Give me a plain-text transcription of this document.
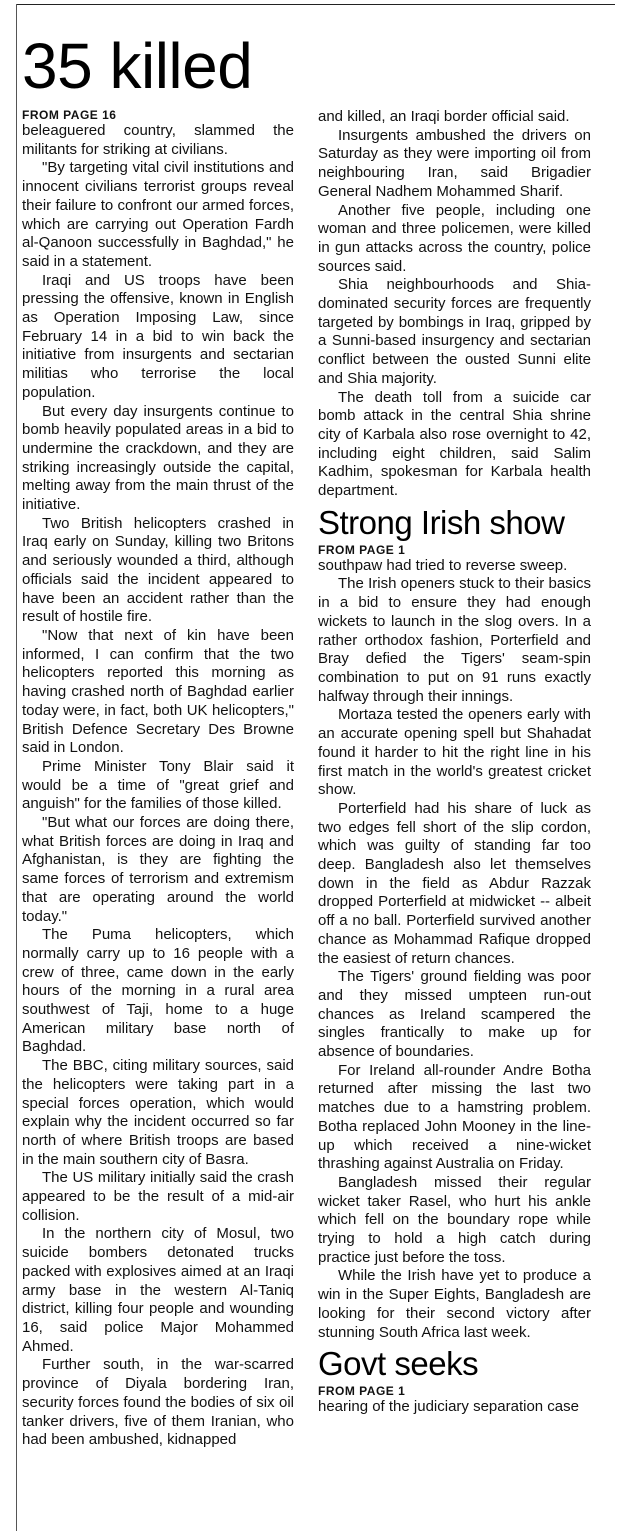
35 killed

FROM PAGE 16

beleaguered country, slammed the militants for striking at civilians.

"By targeting vital civil institutions and innocent civilians terrorist groups reveal their failure to confront our armed forces, which are carrying out Operation Fardh al-Qanoon successfully in Baghdad," he said in a statement.

Iraqi and US troops have been pressing the offensive, known in English as Operation Imposing Law, since February 14 in a bid to win back the initiative from insurgents and sectarian militias who terrorise the local population.

But every day insurgents continue to bomb heavily populated areas in a bid to undermine the crackdown, and they are striking increasingly outside the capital, melting away from the main thrust of the initiative.

Two British helicopters crashed in Iraq early on Sunday, killing two Britons and seriously wounded a third, although officials said the incident appeared to have been an accident rather than the result of hostile fire.

"Now that next of kin have been informed, I can confirm that the two helicopters reported this morning as having crashed north of Baghdad earlier today were, in fact, both UK helicopters," British Defence Secretary Des Browne said in London.

Prime Minister Tony Blair said it would be a time of "great grief and anguish" for the families of those killed.

"But what our forces are doing there, what British forces are doing in Iraq and Afghanistan, is they are fighting the same forces of terrorism and extremism that are operating around the world today."

The Puma helicopters, which normally carry up to 16 people with a crew of three, came down in the early hours of the morning in a rural area southwest of Taji, home to a huge American military base north of Baghdad.

The BBC, citing military sources, said the helicopters were taking part in a special forces operation, which would explain why the incident occurred so far north of where British troops are based in the main southern city of Basra.

The US military initially said the crash appeared to be the result of a mid-air collision.

In the northern city of Mosul, two suicide bombers detonated trucks packed with explosives aimed at an Iraqi army base in the western Al-Taniq district, killing four people and wounding 16, said police Major Mohammed Ahmed.

Further south, in the war-scarred province of Diyala bordering Iran, security forces found the bodies of six oil tanker drivers, five of them Iranian, who had been ambushed, kidnapped

and killed, an Iraqi border official said.

Insurgents ambushed the drivers on Saturday as they were importing oil from neighbouring Iran, said Brigadier General Nadhem Mohammed Sharif.

Another five people, including one woman and three policemen, were killed in gun attacks across the country, police sources said.

Shia neighbourhoods and Shia-dominated security forces are frequently targeted by bombings in Iraq, gripped by a Sunni-based insurgency and sectarian conflict between the ousted Sunni elite and Shia majority.

The death toll from a suicide car bomb attack in the central Shia shrine city of Karbala also rose overnight to 42, including eight children, said Salim Kadhim, spokesman for Karbala health department.

Strong Irish show

FROM PAGE 1

southpaw had tried to reverse sweep.

The Irish openers stuck to their basics in a bid to ensure they had enough wickets to launch in the slog overs. In a rather orthodox fashion, Porterfield and Bray defied the Tigers' seam-spin combination to put on 91 runs exactly halfway through their innings.

Mortaza tested the openers early with an accurate opening spell but Shahadat found it harder to hit the right line in his first match in the world's greatest cricket show.

Porterfield had his share of luck as two edges fell short of the slip cordon, which was guilty of standing far too deep. Bangladesh also let themselves down in the field as Abdur Razzak dropped Porterfield at midwicket -- albeit off a no ball. Porterfield survived another chance as Mohammad Rafique dropped the easiest of return chances.

The Tigers' ground fielding was poor and they missed umpteen run-out chances as Ireland scampered the singles frantically to make up for absence of boundaries.

For Ireland all-rounder Andre Botha returned after missing the last two matches due to a hamstring problem. Botha replaced John Mooney in the line-up which received a nine-wicket thrashing against Australia on Friday.

Bangladesh missed their regular wicket taker Rasel, who hurt his ankle which fell on the boundary rope while trying to hold a high catch during practice just before the toss.

While the Irish have yet to produce a win in the Super Eights, Bangladesh are looking for their second victory after stunning South Africa last week.

Govt seeks

FROM PAGE 1

hearing of the judiciary separation case
